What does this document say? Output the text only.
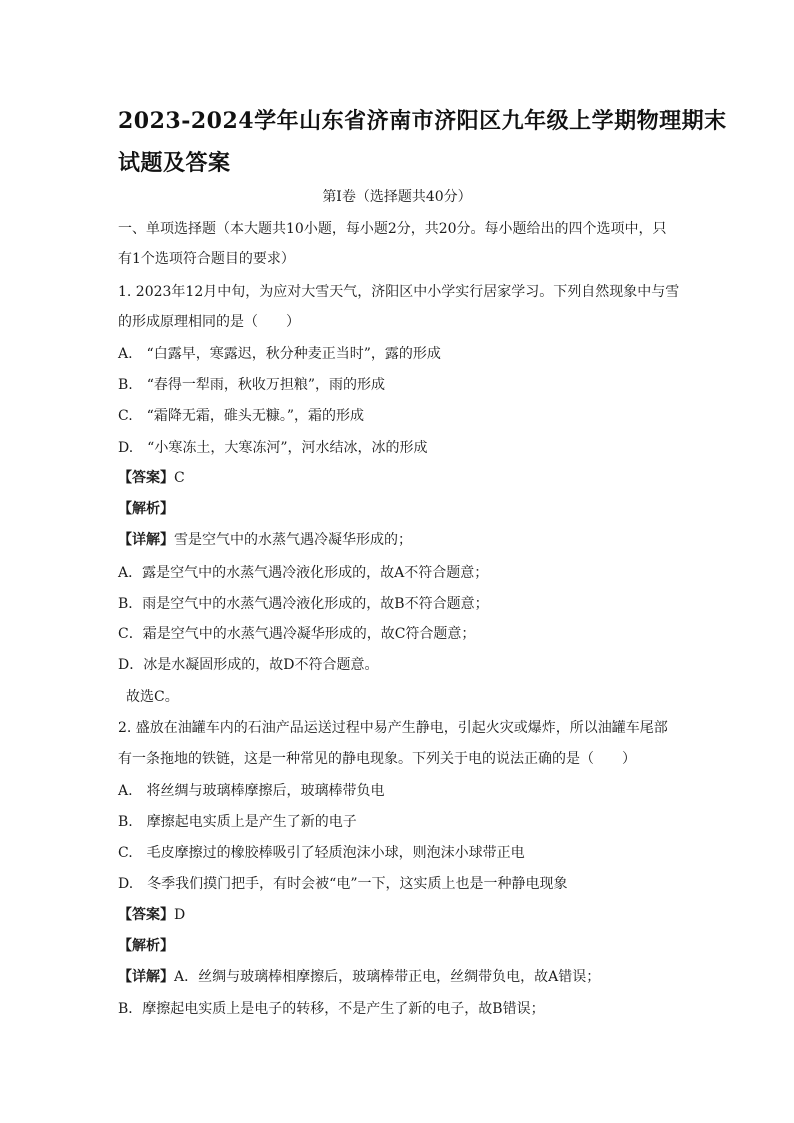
2023-2024学年山东省济南市济阳区九年级上学期物理期末
试题及答案
第I卷（选择题共40分）
一、单项选择题（本大题共10小题，每小题2分，共20分。每小题给出的四个选项中，只
有1个选项符合题目的要求）
1. 2023年12月中旬，为应对大雪天气，济阳区中小学实行居家学习。下列自然现象中与雪
的形成原理相同的是（　　）
A.　“白露早，寒露迟，秋分种麦正当时”，露的形成
B.　“春得一犁雨，秋收万担粮”，雨的形成
C.　“霜降无霜，碓头无糠。”，霜的形成
D.　“小寒冻土，大寒冻河”，河水结冰，冰的形成
【答案】C
【解析】
【详解】雪是空气中的水蒸气遇冷凝华形成的；
A．露是空气中的水蒸气遇冷液化形成的，故A不符合题意；
B．雨是空气中的水蒸气遇冷液化形成的，故B不符合题意；
C．霜是空气中的水蒸气遇冷凝华形成的，故C符合题意；
D．冰是水凝固形成的，故D不符合题意。
故选C。
2. 盛放在油罐车内的石油产品运送过程中易产生静电，引起火灾或爆炸，所以油罐车尾部
有一条拖地的铁链，这是一种常见的静电现象。下列关于电的说法正确的是（　　）
A.　将丝绸与玻璃棒摩擦后，玻璃棒带负电
B.　摩擦起电实质上是产生了新的电子
C.　毛皮摩擦过的橡胶棒吸引了轻质泡沫小球，则泡沫小球带正电
D.　冬季我们摸门把手，有时会被“电”一下，这实质上也是一种静电现象
【答案】D
【解析】
【详解】A．丝绸与玻璃棒相摩擦后，玻璃棒带正电，丝绸带负电，故A错误；
B．摩擦起电实质上是电子的转移，不是产生了新的电子，故B错误；
